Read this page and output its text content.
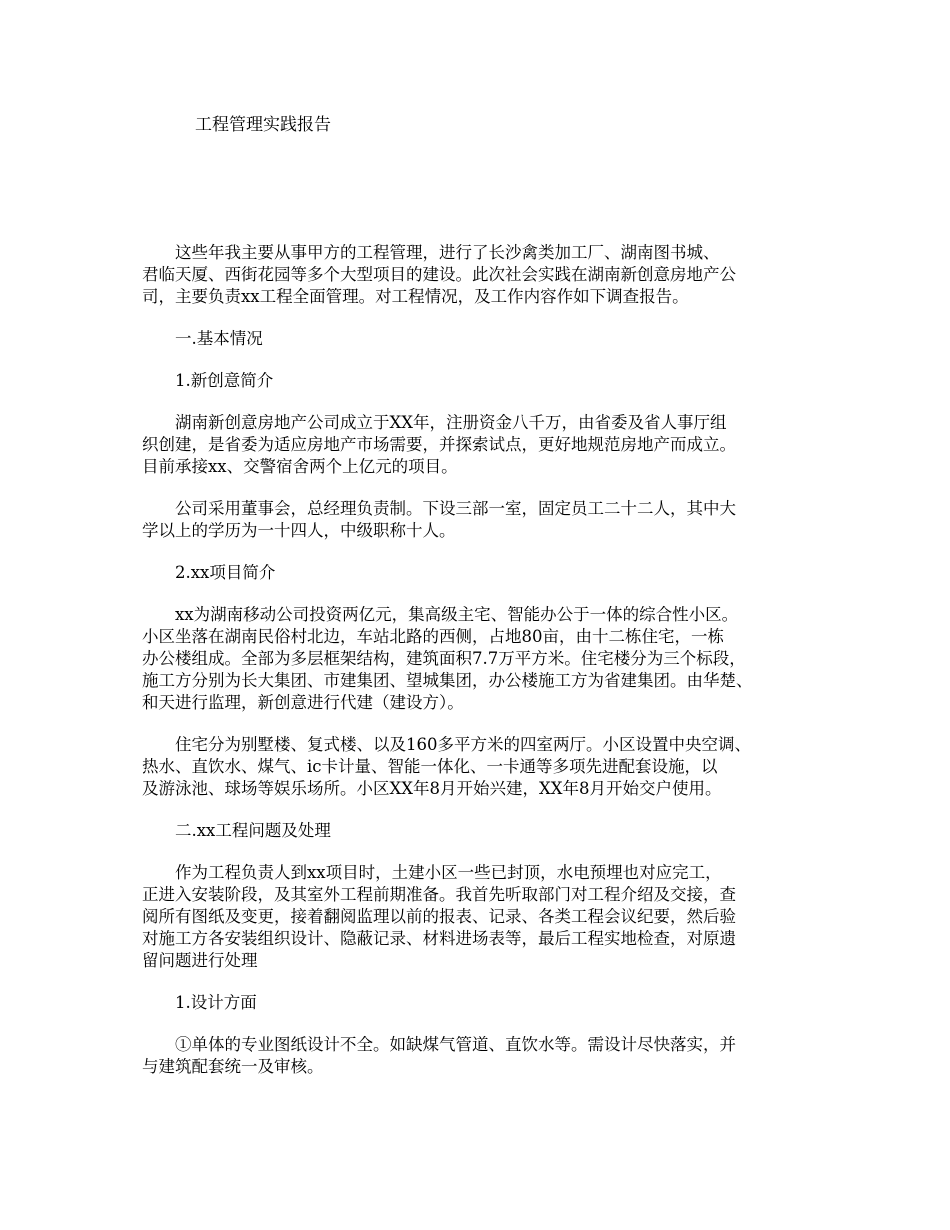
工程管理实践报告
这些年我主要从事甲方的工程管理，进行了长沙禽类加工厂、湖南图书城、
君临天厦、西街花园等多个大型项目的建设。此次社会实践在湖南新创意房地产公
司，主要负责xx工程全面管理。对工程情况，及工作内容作如下调查报告。
一.基本情况
1.新创意简介
湖南新创意房地产公司成立于XX年，注册资金八千万，由省委及省人事厅组
织创建，是省委为适应房地产市场需要，并探索试点，更好地规范房地产而成立。
目前承接xx、交警宿舍两个上亿元的项目。
公司采用董事会，总经理负责制。下设三部一室，固定员工二十二人，其中大
学以上的学历为一十四人，中级职称十人。
2.xx项目简介
xx为湖南移动公司投资两亿元，集高级主宅、智能办公于一体的综合性小区。
小区坐落在湖南民俗村北边，车站北路的西侧，占地80亩，由十二栋住宅，一栋
办公楼组成。全部为多层框架结构，建筑面积7.7万平方米。住宅楼分为三个标段，
施工方分别为长大集团、市建集团、望城集团，办公楼施工方为省建集团。由华楚、
和天进行监理，新创意进行代建（建设方）。
住宅分为别墅楼、复式楼、以及160多平方米的四室两厅。小区设置中央空调、
热水、直饮水、煤气、ic卡计量、智能一体化、一卡通等多项先进配套设施，以
及游泳池、球场等娱乐场所。小区XX年8月开始兴建，XX年8月开始交户使用。
二.xx工程问题及处理
作为工程负责人到xx项目时，土建小区一些已封顶，水电预埋也对应完工，
正进入安装阶段，及其室外工程前期准备。我首先听取部门对工程介绍及交接，查
阅所有图纸及变更，接着翻阅监理以前的报表、记录、各类工程会议纪要，然后验
对施工方各安装组织设计、隐蔽记录、材料进场表等，最后工程实地检查，对原遗
留问题进行处理
1.设计方面
①单体的专业图纸设计不全。如缺煤气管道、直饮水等。需设计尽快落实，并
与建筑配套统一及审核。
